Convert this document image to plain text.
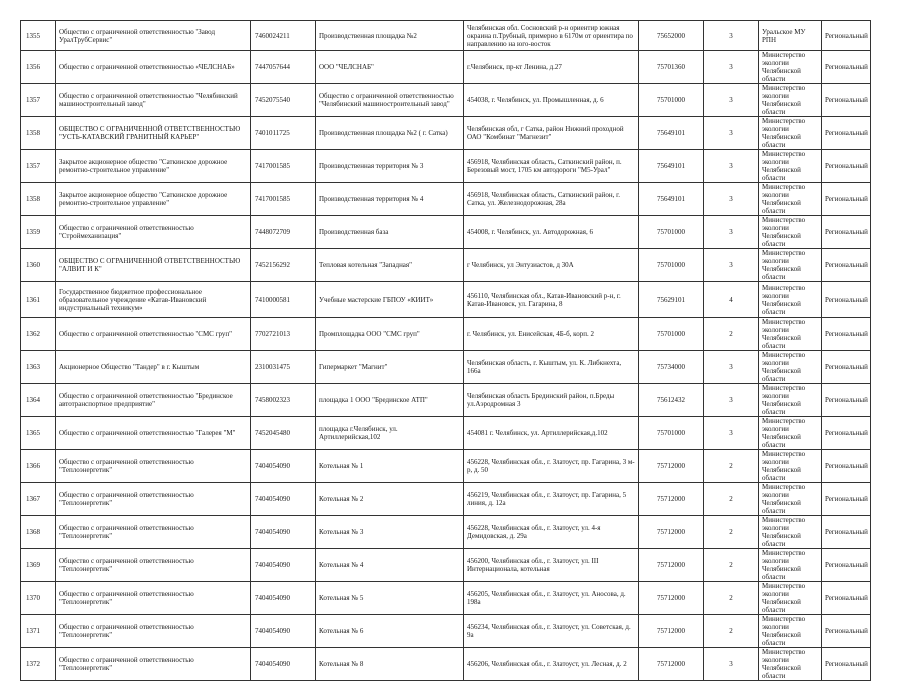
1355	Общество с ограниченной ответственностью "Завод УралТрубСервис"	7460024211	Производственная площадка №2	Челябинская обл. Сосновский р-н ориентир южная окраина п.Трубный, примерно в 6170м от ориентира по направлению на юго-восток	75652000	3	Уральское МУ РПН	Региональный
1356	Общество с ограниченной ответственностью «ЧЕЛСНАБ»	7447057644	ООО "ЧЕЛСНАБ"	г.Челябинск, пр-кт Ленина, д.27	75701360	3	Министерство экологии Челябинской области	Региональный
1357	Общество с ограниченной ответственностью "Челябинский машиностроительный завод"	7452075540	Общество с ограниченной ответственностью "Челябинский машиностроительный завод"	454038, г. Челябинск, ул. Промышленная, д. 6	75701000	3	Министерство экологии Челябинской области	Региональный
1358	ОБЩЕСТВО С ОГРАНИЧЕННОЙ ОТВЕТСТВЕННОСТЬЮ "УСТЬ-КАТАВСКИЙ ГРАНИТНЫЙ КАРЬЕР"	7401011725	Производственная площадка №2 ( г. Сатка)	Челябинская обл, г Сатка, район Нижний проходной ОАО "Комбинат "Магнезит"	75649101	3	Министерство экологии Челябинской области	Региональный
1357	Закрытое акционерное общество "Саткинское дорожное ремонтно-строительное управление"	7417001585	Производственная территория № 3	456918, Челябинская область, Саткинский район, п. Березовый мост, 1705 км автодороги "М5-Урал"	75649101	3	Министерство экологии Челябинской области	Региональный
1358	Закрытое акционерное общество "Саткинское дорожное ремонтно-строительное управление"	7417001585	Производственная территория № 4	456918, Челябинская область, Саткинский район, г. Сатка, ул. Железнодорожная, 28а	75649101	3	Министерство экологии Челябинской области	Региональный
1359	Общество с ограниченной ответственностью "Строймеханизация"	7448072709	Производственная база	454008, г. Челябинск, ул. Автодорожная, 6	75701000	3	Министерство экологии Челябинской области	Региональный
1360	ОБЩЕСТВО С ОГРАНИЧЕННОЙ ОТВЕТСТВЕННОСТЬЮ "АЛВИТ И К"	7452156292	Тепловая котельная "Западная"	г Челябинск, ул Энтузиастов, д 30А	75701000	3	Министерство экологии Челябинской области	Региональный
1361	Государственное бюджетное профессиональное образовательное учреждение «Катав-Ивановский индустриальный техникум»	7410000581	Учебные мастерские ГБПОУ «КИИТ»	456110, Челябинская обл., Катав-Ивановский р-н, г. Катав-Ивановск, ул. Гагарина, 8	75629101	4	Министерство экологии Челябинской области	Региональный
1362	Общество с ограниченной ответственностью "СМС груп"	7702721013	Промплощадка ООО "СМС груп"	г. Челябинск, ул. Енисейская, 4Б-б, корп. 2	75701000	2	Министерство экологии Челябинской области	Региональный
1363	Акционерное Общество "Тандер" в г. Кыштым	2310031475	Гипермаркет "Магнит"	Челябинская область, г. Кыштым, ул. К. Либкнехта, 166а	75734000	3	Министерство экологии Челябинской области	Региональный
1364	Общество с ограниченной ответственностью "Брединское автотранспортное предприятие"	7458002323	площадка 1 ООО "Брединское АТП"	Челябинская область Брединский район, п.Бреды ул.Аэродромная 3	75612432	3	Министерство экологии Челябинской области	Региональный
1365	Общество с ограниченной ответственностью "Галерея "М"	7452045480	площадка г.Челябинск, ул. Артиллерийская,102	454081 г. Челябинск, ул. Артиллерийская,д.102	75701000	3	Министерство экологии Челябинской области	Региональный
1366	Общество с ограниченной ответственностью "Теплоэнергетик"	7404054090	Котельная № 1	456228, Челябинская обл., г. Златоуст, пр. Гагарина, 3 м-р, д. 50	75712000	2	Министерство экологии Челябинской области	Региональный
1367	Общество с ограниченной ответственностью "Теплоэнергетик"	7404054090	Котельная № 2	456219, Челябинская обл., г. Златоуст, пр. Гагарина, 5 линия, д. 12а	75712000	2	Министерство экологии Челябинской области	Региональный
1368	Общество с ограниченной ответственностью "Теплоэнергетик"	7404054090	Котельная № 3	456228, Челябинская обл., г. Златоуст, ул. 4-я Демидовская, д. 29а	75712000	2	Министерство экологии Челябинской области	Региональный
1369	Общество с ограниченной ответственностью "Теплоэнергетик"	7404054090	Котельная № 4	456200, Челябинская обл., г. Златоуст, ул. III Интернационала, котельная	75712000	2	Министерство экологии Челябинской области	Региональный
1370	Общество с ограниченной ответственностью "Теплоэнергетик"	7404054090	Котельная № 5	456205, Челябинская обл., г. Златоуст, ул. Аносова, д. 198а	75712000	2	Министерство экологии Челябинской области	Региональный
1371	Общество с ограниченной ответственностью "Теплоэнергетик"	7404054090	Котельная № 6	456234, Челябинская обл., г. Златоуст, ул. Советская, д. 9а	75712000	2	Министерство экологии Челябинской области	Региональный
1372	Общество с ограниченной ответственностью "Теплоэнергетик"	7404054090	Котельная № 8	456206, Челябинская обл., г. Златоуст, ул. Лесная, д. 2	75712000	3	Министерство экологии Челябинской области	Региональный
